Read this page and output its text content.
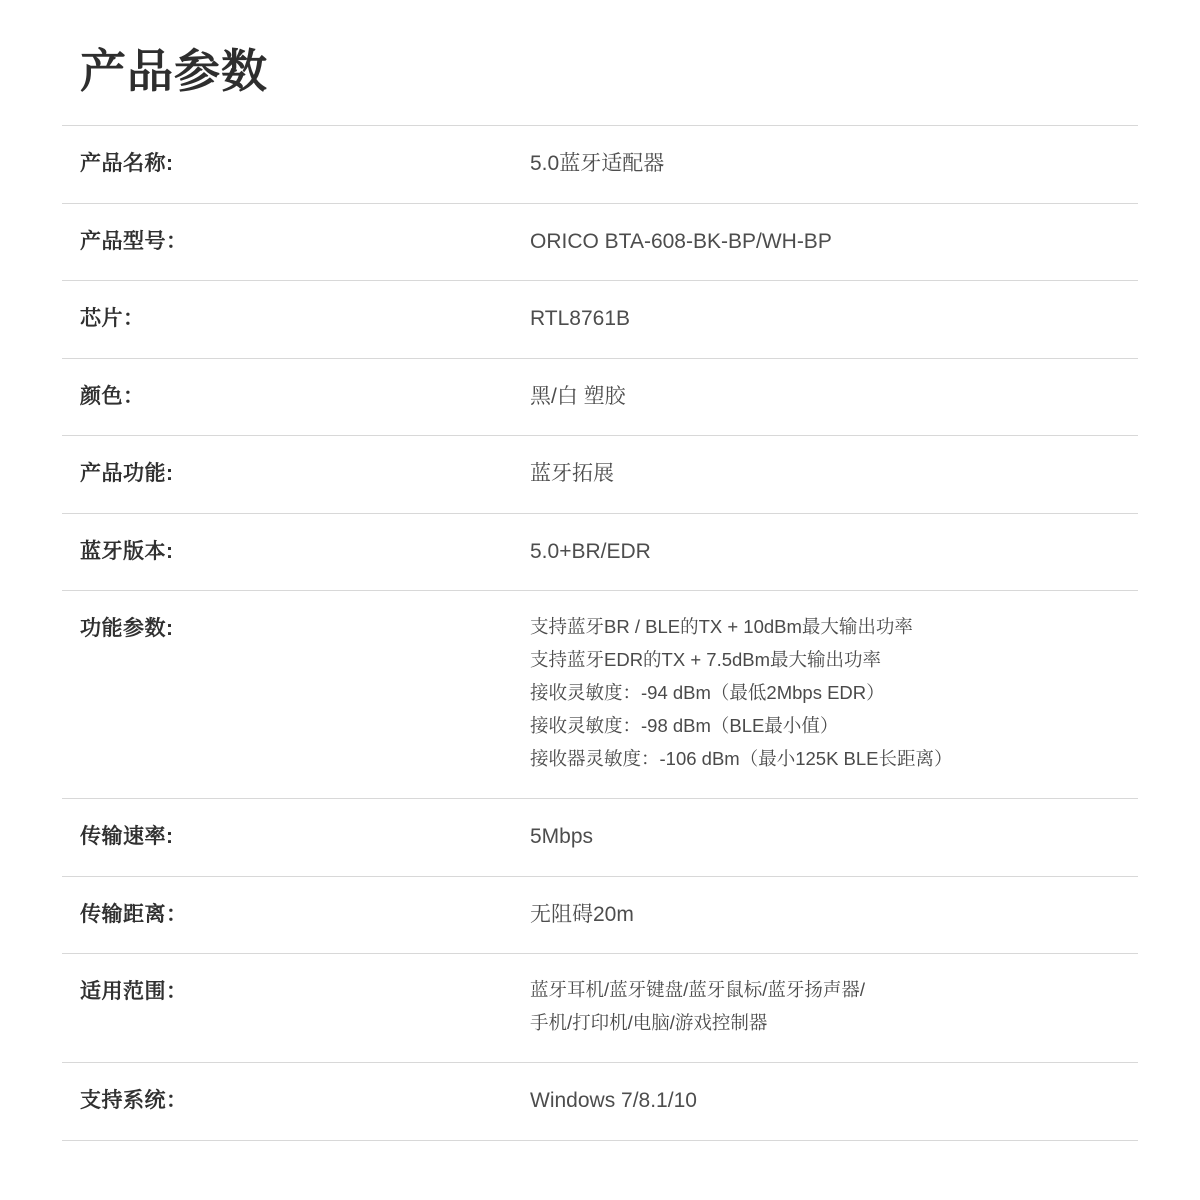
产品参数
产品名称:	5.0蓝牙适配器

产品型号：	ORICO BTA-608-BK-BP/WH-BP

芯片：	RTL8761B

颜色：	黑/白 塑胶

产品功能:	蓝牙拓展

蓝牙版本:	5.0+BR/EDR

功能参数:	支持蓝牙BR / BLE的TX + 10dBm最大输出功率
支持蓝牙EDR的TX + 7.5dBm最大输出功率
接收灵敏度：-94 dBm（最低2Mbps EDR）
接收灵敏度：-98 dBm（BLE最小值）
接收器灵敏度：-106 dBm（最小125K BLE长距离）

传输速率:	5Mbps

传输距离：	无阻碍20m

适用范围：	蓝牙耳机/蓝牙键盘/蓝牙鼠标/蓝牙扬声器/
手机/打印机/电脑/游戏控制器

支持系统：	Windows 7/8.1/10
